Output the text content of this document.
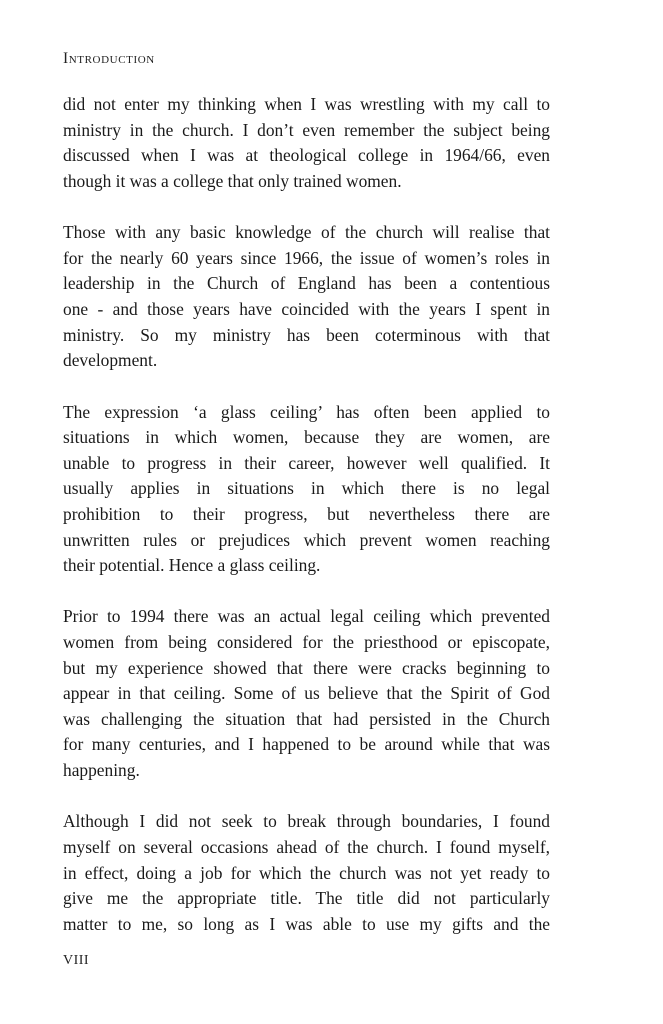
Introduction

did not enter my thinking when I was wrestling with my call to
ministry in the church. I don’t even remember the subject being
discussed when I was at theological college in 1964/66, even
though it was a college that only trained women.

Those with any basic knowledge of the church will realise that
for the nearly 60 years since 1966, the issue of women’s roles in
leadership in the Church of England has been a contentious
one - and those years have coincided with the years I spent in
ministry. So my ministry has been coterminous with that
development.

The expression ‘a glass ceiling’ has often been applied to
situations in which women, because they are women, are
unable to progress in their career, however well qualified. It
usually applies in situations in which there is no legal
prohibition to their progress, but nevertheless there are
unwritten rules or prejudices which prevent women reaching
their potential. Hence a glass ceiling.

Prior to 1994 there was an actual legal ceiling which prevented
women from being considered for the priesthood or episcopate,
but my experience showed that there were cracks beginning to
appear in that ceiling. Some of us believe that the Spirit of God
was challenging the situation that had persisted in the Church
for many centuries, and I happened to be around while that was
happening.

Although I did not seek to break through boundaries, I found
myself on several occasions ahead of the church. I found myself,
in effect, doing a job for which the church was not yet ready to
give me the appropriate title. The title did not particularly
matter to me, so long as I was able to use my gifts and the

VIII
